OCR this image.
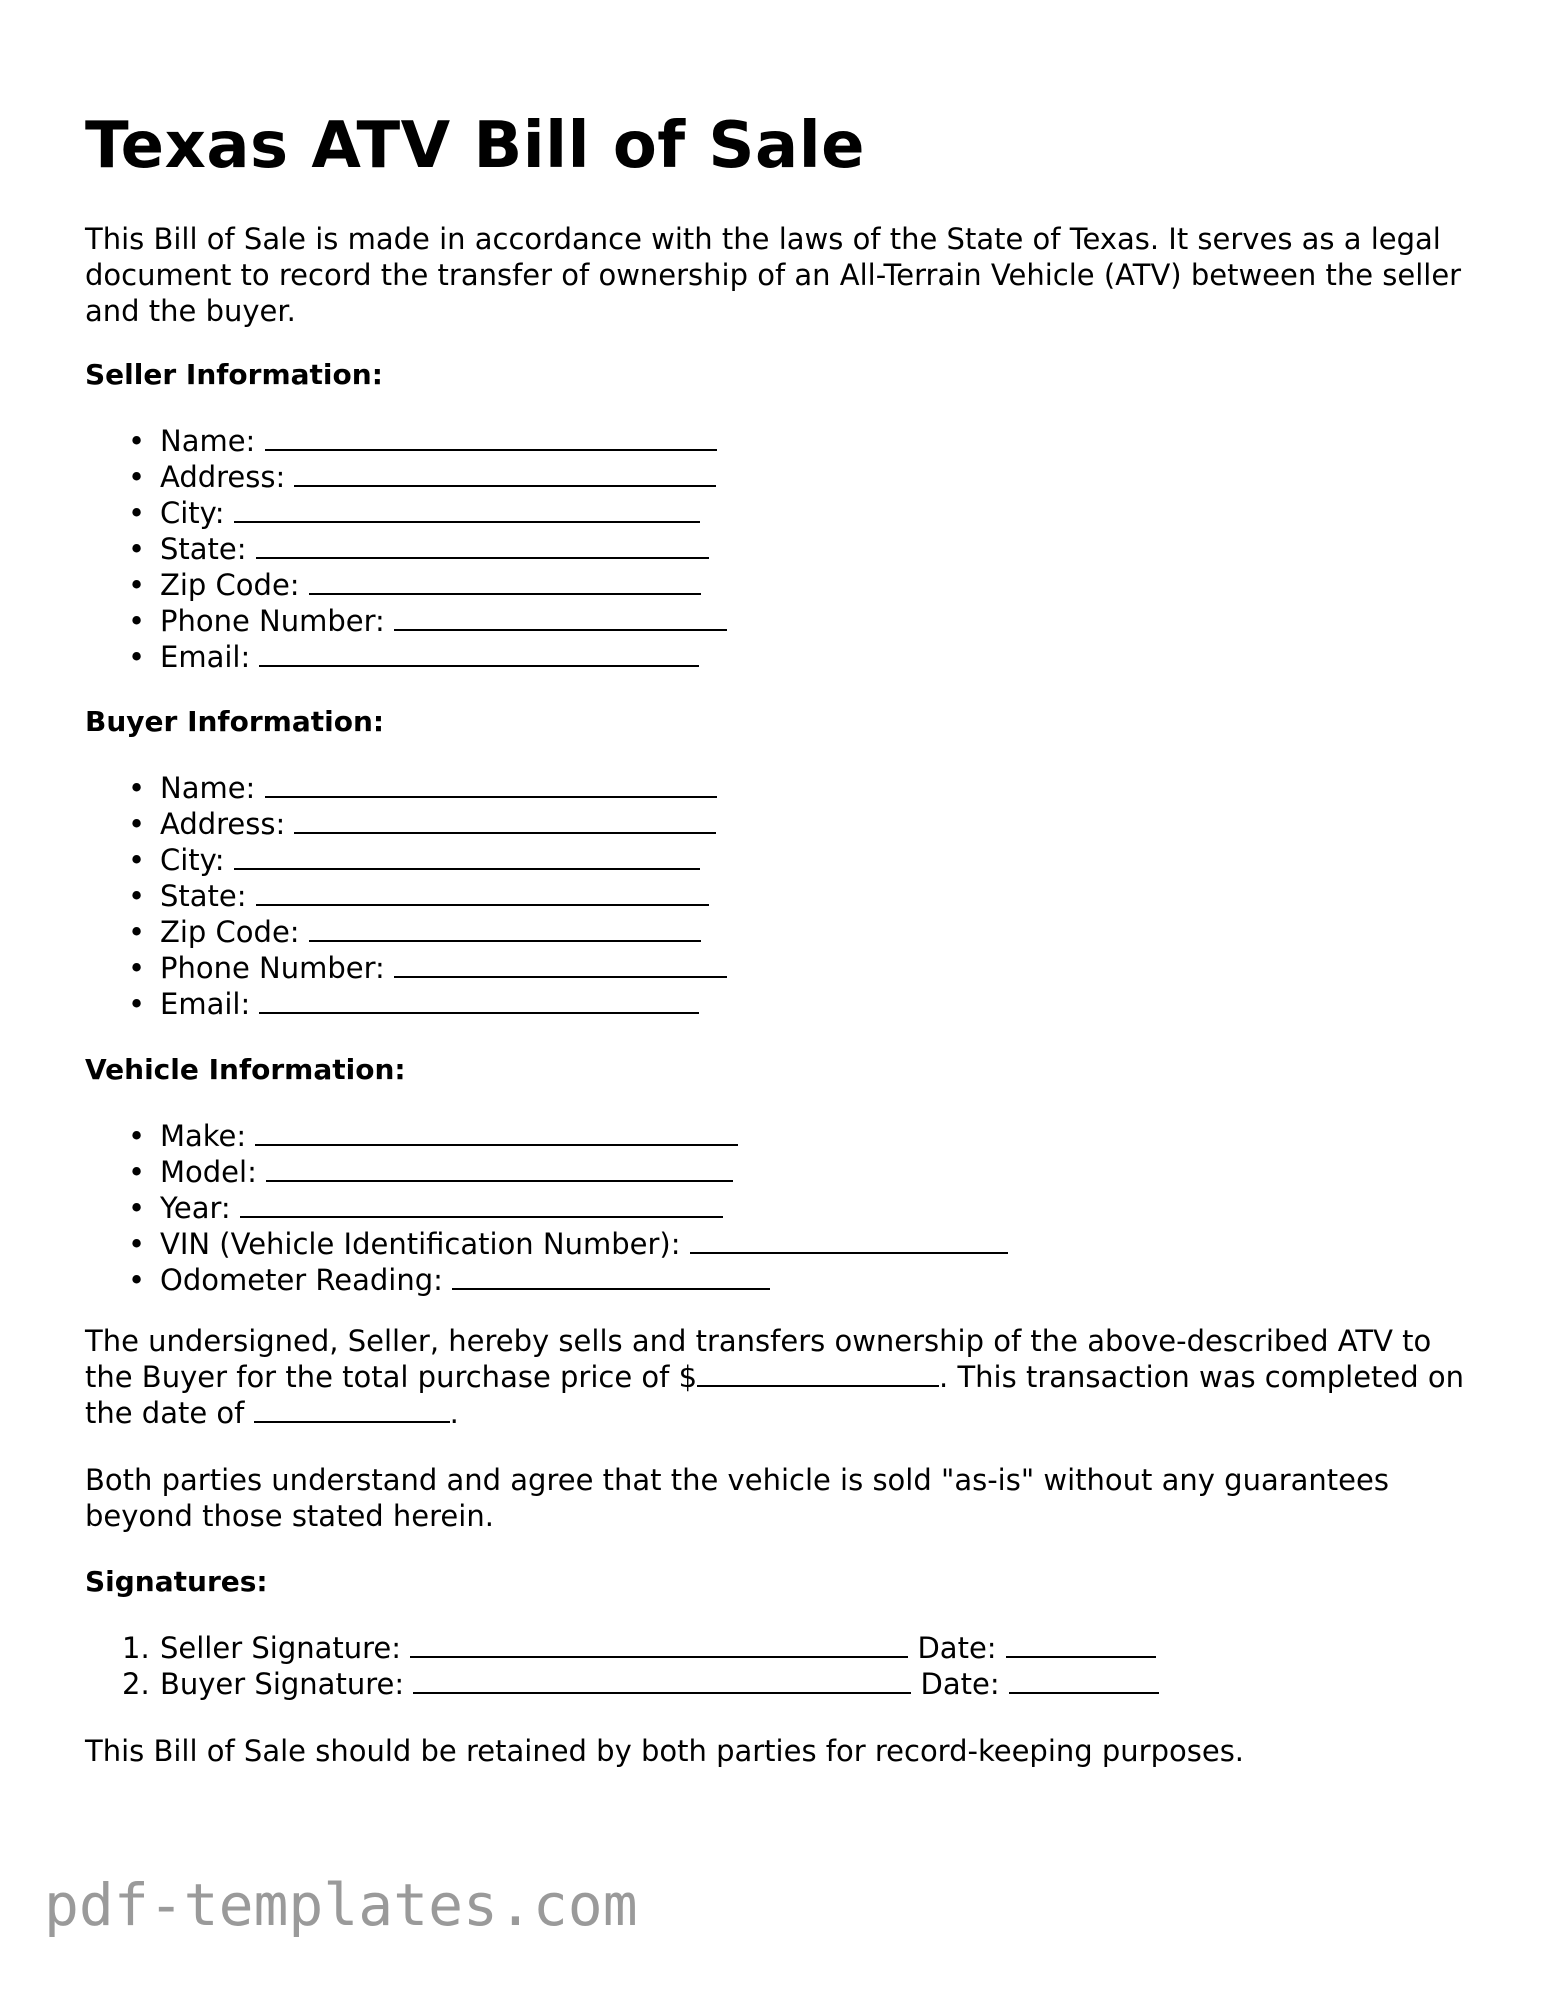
Texas ATV Bill of Sale

This Bill of Sale is made in accordance with the laws of the State of Texas. It serves as a legal document to record the transfer of ownership of an All-Terrain Vehicle (ATV) between the seller and the buyer.

Seller Information:

• Name:
• Address:
• City:
• State:
• Zip Code:
• Phone Number:
• Email:

Buyer Information:

• Name:
• Address:
• City:
• State:
• Zip Code:
• Phone Number:
• Email:

Vehicle Information:

• Make:
• Model:
• Year:
• VIN (Vehicle Identification Number):
• Odometer Reading:

The undersigned, Seller, hereby sells and transfers ownership of the above-described ATV to the Buyer for the total purchase price of $	. This transaction was completed on the date of	.

Both parties understand and agree that the vehicle is sold "as-is" without any guarantees beyond those stated herein.

Signatures:

1. Seller Signature:	Date:
2. Buyer Signature:	Date:

This Bill of Sale should be retained by both parties for record-keeping purposes.

pdf-templates.com
